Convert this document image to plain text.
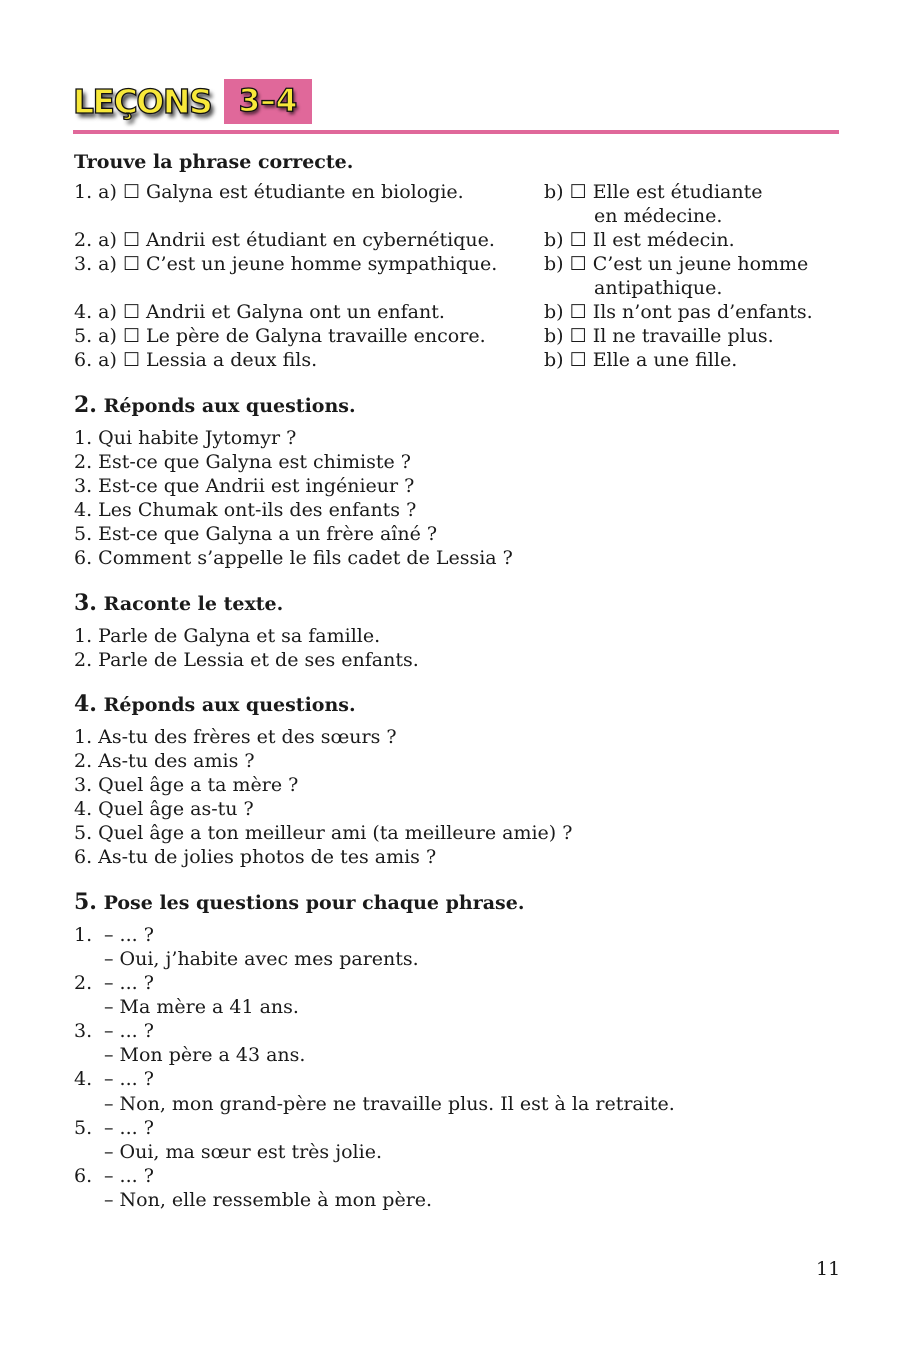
LEÇONS 3–4
Trouve la phrase correcte.
1. a) ☐ Galyna est étudiante en biologie.	b) ☐ Elle est étudiante
en médecine.
2. a) ☐ Andrii est étudiant en cybernétique.	b) ☐ Il est médecin.
3. a) ☐ C’est un jeune homme sympathique. b) ☐ C’est un jeune homme
antipathique.
4. a) ☐ Andrii et Galyna ont un enfant.	b) ☐ Ils n’ont pas d’enfants.
5. a) ☐ Le père de Galyna travaille encore.	b) ☐ Il ne travaille plus.
6. a) ☐ Lessia a deux fils.	b) ☐ Elle a une fille.
2. Réponds aux questions.
1. Qui habite Jytomyr ?
2. Est-ce que Galyna est chimiste ?
3. Est-ce que Andrii est ingénieur ?
4. Les Chumak ont-ils des enfants ?
5. Est-ce que Galyna a un frère aîné ?
6. Comment s’appelle le fils cadet de Lessia ?
3. Raconte le texte.
1. Parle de Galyna et sa famille.
2. Parle de Lessia et de ses enfants.
4. Réponds aux questions.
1. As-tu des frères et des sœurs ?
2. As-tu des amis ?
3. Quel âge a ta mère ?
4. Quel âge as-tu ?
5. Quel âge a ton meilleur ami (ta meilleure amie) ?
6. As-tu de jolies photos de tes amis ?
5. Pose les questions pour chaque phrase.
1. – ... ?
– Oui, j’habite avec mes parents.
2. – ... ?
– Ma mère a 41 ans.
3. – ... ?
– Mon père a 43 ans.
4. – ... ?
– Non, mon grand-père ne travaille plus. Il est à la retraite.
5. – ... ?
– Oui, ma sœur est très jolie.
6. – ... ?
– Non, elle ressemble à mon père.
11
